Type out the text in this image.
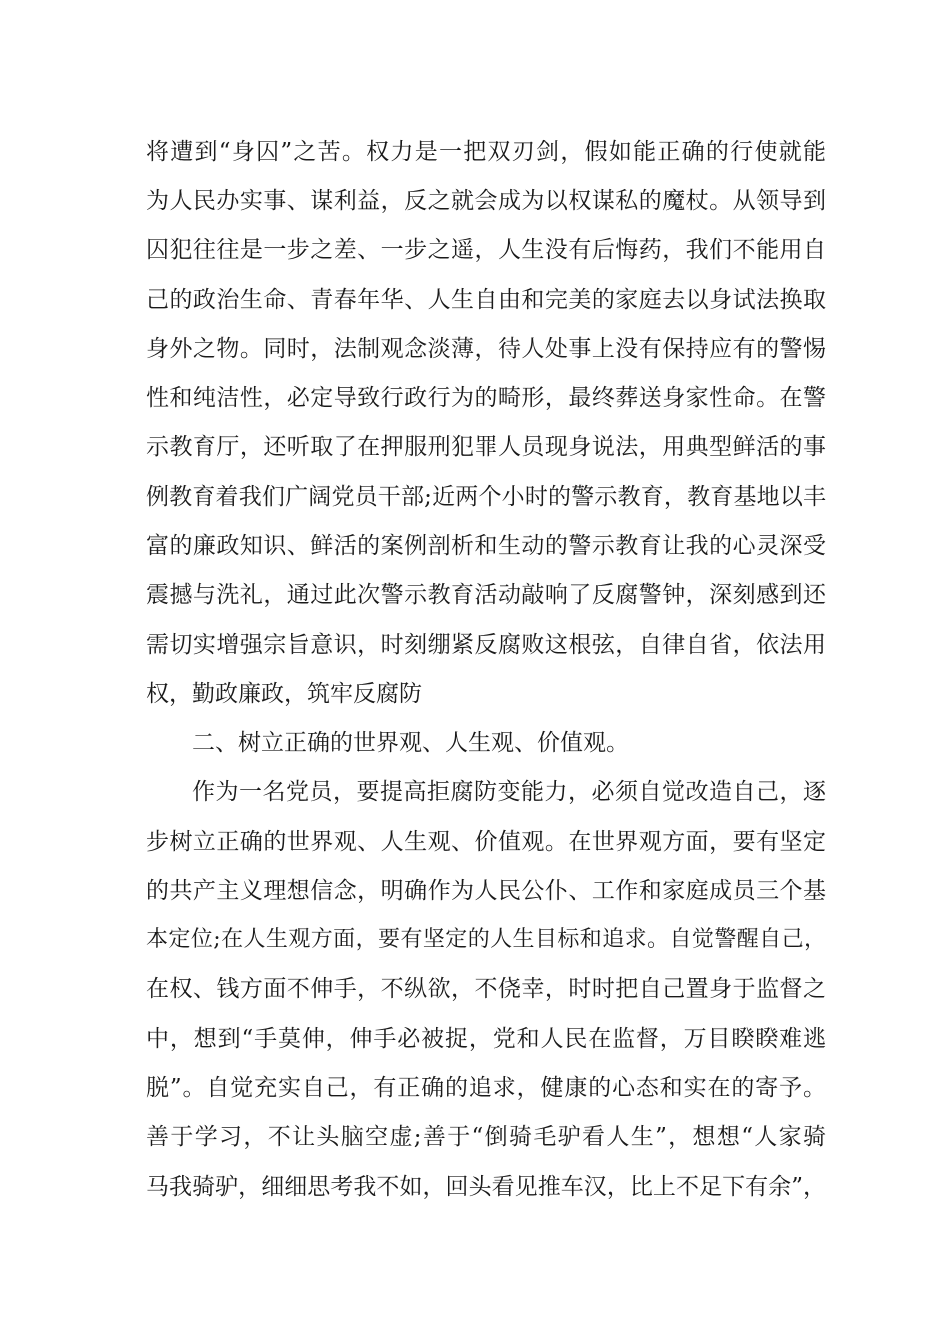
将遭到“身囚”之苦。权力是一把双刃剑，假如能正确的行使就能

为人民办实事、谋利益，反之就会成为以权谋私的魔杖。从领导到

囚犯往往是一步之差、一步之遥，人生没有后悔药，我们不能用自

己的政治生命、青春年华、人生自由和完美的家庭去以身试法换取

身外之物。同时，法制观念淡薄，待人处事上没有保持应有的警惕

性和纯洁性，必定导致行政行为的畸形，最终葬送身家性命。在警

示教育厅，还听取了在押服刑犯罪人员现身说法，用典型鲜活的事

例教育着我们广阔党员干部;近两个小时的警示教育，教育基地以丰

富的廉政知识、鲜活的案例剖析和生动的警示教育让我的心灵深受

震撼与洗礼，通过此次警示教育活动敲响了反腐警钟，深刻感到还

需切实增强宗旨意识，时刻绷紧反腐败这根弦，自律自省，依法用

权，勤政廉政，筑牢反腐防

二、树立正确的世界观、人生观、价值观。

作为一名党员，要提高拒腐防变能力，必须自觉改造自己，逐

步树立正确的世界观、人生观、价值观。在世界观方面，要有坚定

的共产主义理想信念，明确作为人民公仆、工作和家庭成员三个基

本定位;在人生观方面，要有坚定的人生目标和追求。自觉警醒自己，

在权、钱方面不伸手，不纵欲，不侥幸，时时把自己置身于监督之

中，想到“手莫伸，伸手必被捉，党和人民在监督，万目睽睽难逃

脱”。自觉充实自己，有正确的追求，健康的心态和实在的寄予。

善于学习，不让头脑空虚;善于“倒骑毛驴看人生”，想想“人家骑

马我骑驴，细细思考我不如，回头看见推车汉，比上不足下有余”，
